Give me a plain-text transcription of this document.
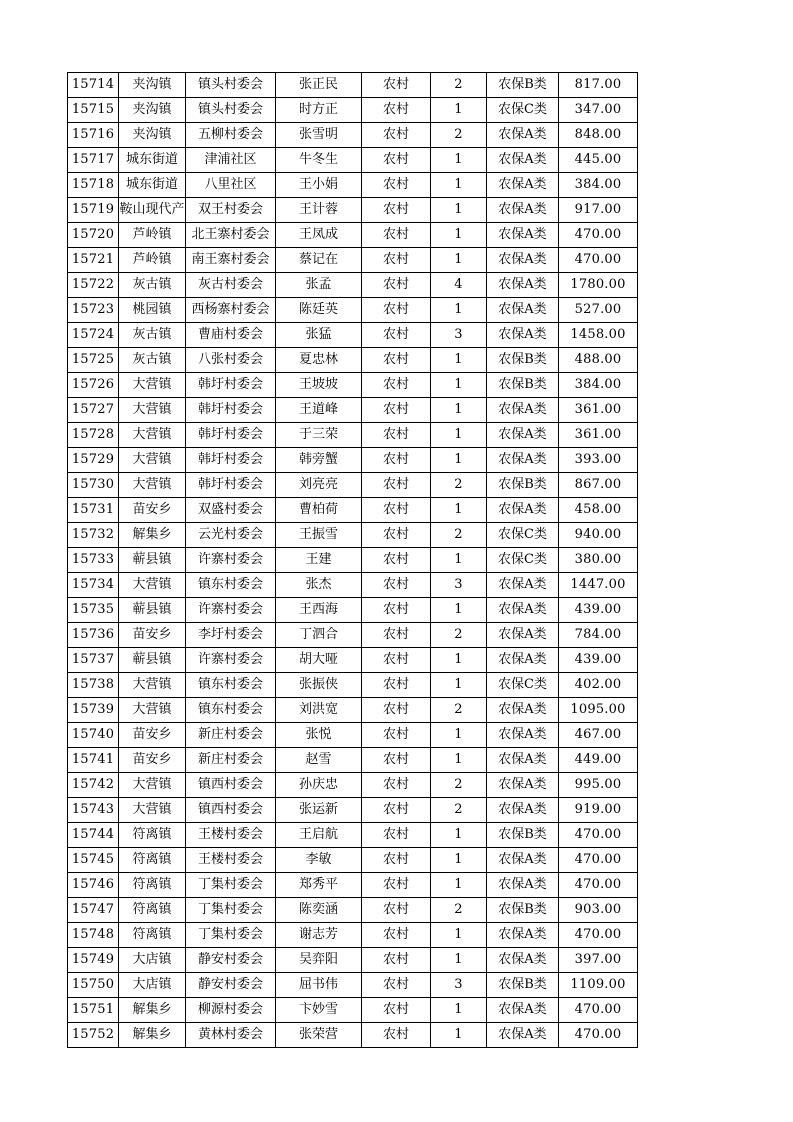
15714	夹沟镇	镇头村委会	张正民	农村	2	农保B类	817.00
15715	夹沟镇	镇头村委会	时方正	农村	1	农保C类	347.00
15716	夹沟镇	五柳村委会	张雪明	农村	2	农保A类	848.00
15717	城东街道	津浦社区	牛冬生	农村	1	农保A类	445.00
15718	城东街道	八里社区	王小娟	农村	1	农保A类	384.00
15719	鞍山现代产	双王村委会	王计蓉	农村	1	农保A类	917.00
15720	芦岭镇	北王寨村委会	王凤成	农村	1	农保A类	470.00
15721	芦岭镇	南王寨村委会	蔡记在	农村	1	农保A类	470.00
15722	灰古镇	灰古村委会	张孟	农村	4	农保A类	1780.00
15723	桃园镇	西杨寨村委会	陈廷英	农村	1	农保A类	527.00
15724	灰古镇	曹庙村委会	张猛	农村	3	农保A类	1458.00
15725	灰古镇	八张村委会	夏忠林	农村	1	农保B类	488.00
15726	大营镇	韩圩村委会	王坡坡	农村	1	农保B类	384.00
15727	大营镇	韩圩村委会	王道峰	农村	1	农保A类	361.00
15728	大营镇	韩圩村委会	于三荣	农村	1	农保A类	361.00
15729	大营镇	韩圩村委会	韩旁蟹	农村	1	农保A类	393.00
15730	大营镇	韩圩村委会	刘亮亮	农村	2	农保B类	867.00
15731	苗安乡	双盛村委会	曹柏荷	农村	1	农保A类	458.00
15732	解集乡	云光村委会	王振雪	农村	2	农保C类	940.00
15733	蕲县镇	许寨村委会	王建	农村	1	农保C类	380.00
15734	大营镇	镇东村委会	张杰	农村	3	农保A类	1447.00
15735	蕲县镇	许寨村委会	王西海	农村	1	农保A类	439.00
15736	苗安乡	李圩村委会	丁泗合	农村	2	农保A类	784.00
15737	蕲县镇	许寨村委会	胡大哑	农村	1	农保A类	439.00
15738	大营镇	镇东村委会	张振侠	农村	1	农保C类	402.00
15739	大营镇	镇东村委会	刘洪宽	农村	2	农保A类	1095.00
15740	苗安乡	新庄村委会	张悦	农村	1	农保A类	467.00
15741	苗安乡	新庄村委会	赵雪	农村	1	农保A类	449.00
15742	大营镇	镇西村委会	孙庆忠	农村	2	农保A类	995.00
15743	大营镇	镇西村委会	张运新	农村	2	农保A类	919.00
15744	符离镇	王楼村委会	王启航	农村	1	农保B类	470.00
15745	符离镇	王楼村委会	李敏	农村	1	农保A类	470.00
15746	符离镇	丁集村委会	郑秀平	农村	1	农保A类	470.00
15747	符离镇	丁集村委会	陈奕涵	农村	2	农保B类	903.00
15748	符离镇	丁集村委会	谢志芳	农村	1	农保A类	470.00
15749	大店镇	静安村委会	吴弈阳	农村	1	农保A类	397.00
15750	大店镇	静安村委会	屈书伟	农村	3	农保B类	1109.00
15751	解集乡	柳源村委会	卞妙雪	农村	1	农保A类	470.00
15752	解集乡	黄林村委会	张荣营	农村	1	农保A类	470.00
